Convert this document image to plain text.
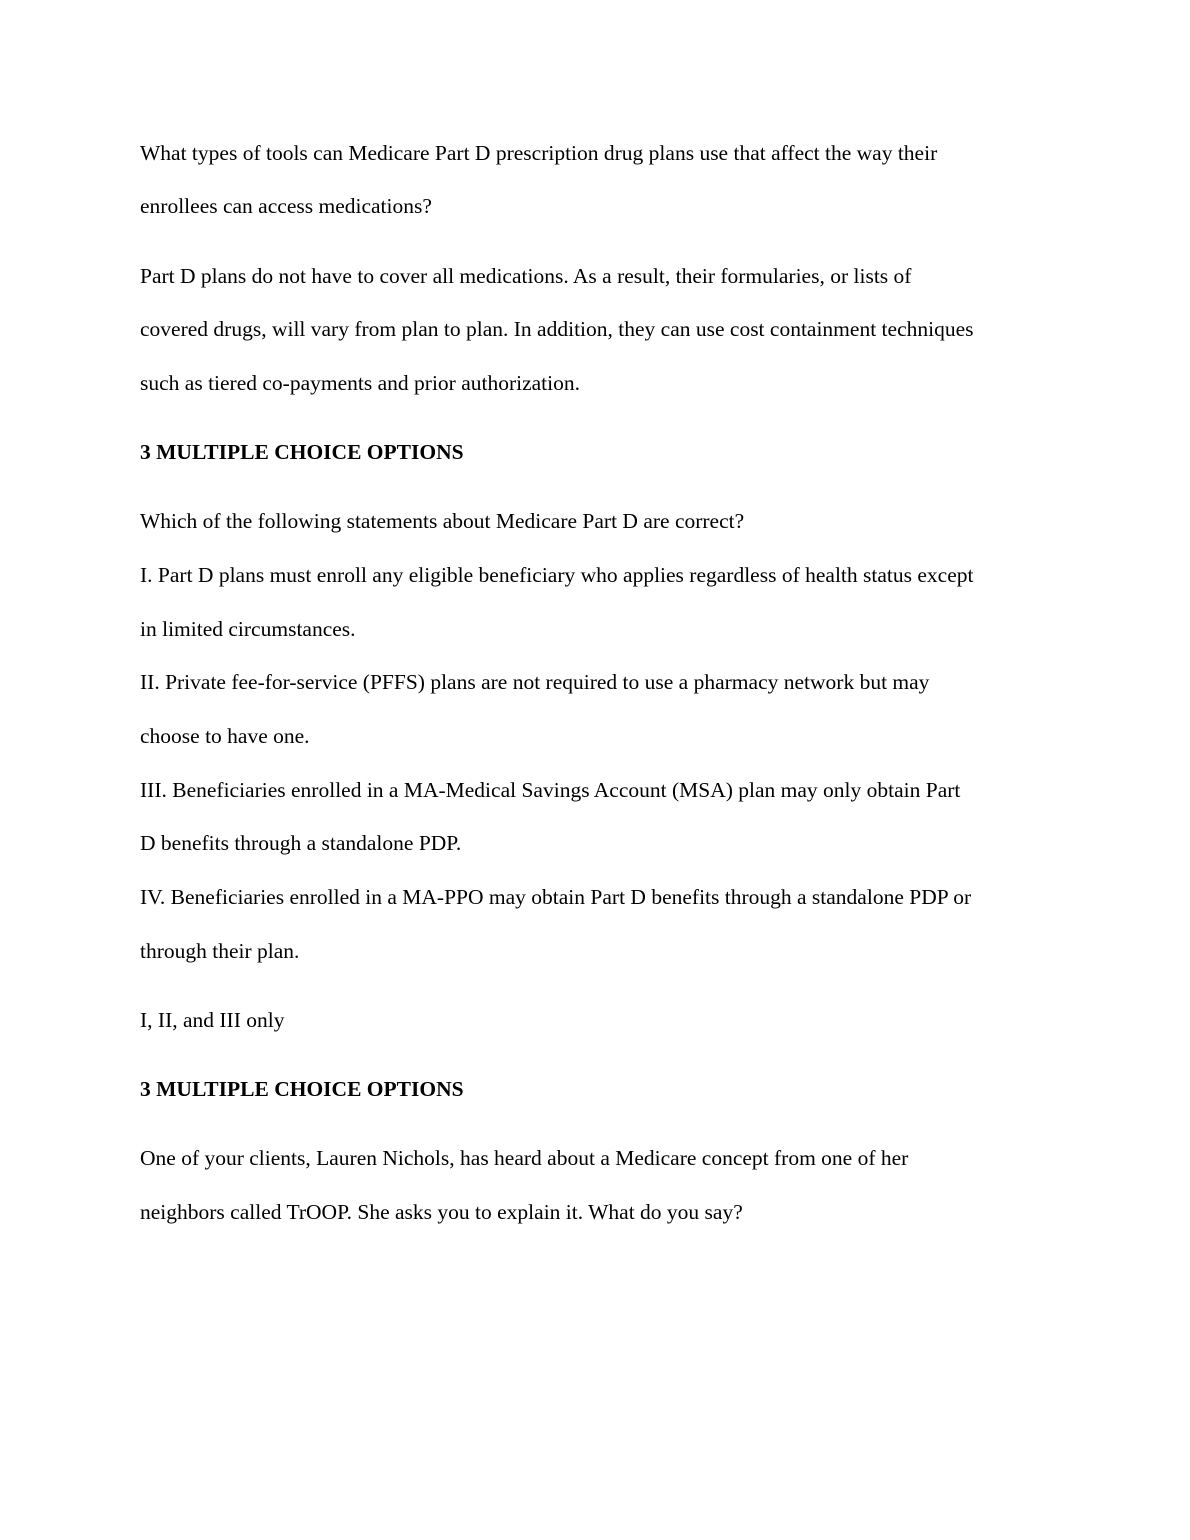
What types of tools can Medicare Part D prescription drug plans use that affect the way their
enrollees can access medications?
Part D plans do not have to cover all medications. As a result, their formularies, or lists of
covered drugs, will vary from plan to plan. In addition, they can use cost containment techniques
such as tiered co-payments and prior authorization.
3 MULTIPLE CHOICE OPTIONS
Which of the following statements about Medicare Part D are correct?
I. Part D plans must enroll any eligible beneficiary who applies regardless of health status except
in limited circumstances.
II. Private fee-for-service (PFFS) plans are not required to use a pharmacy network but may
choose to have one.
III. Beneficiaries enrolled in a MA-Medical Savings Account (MSA) plan may only obtain Part
D benefits through a standalone PDP.
IV. Beneficiaries enrolled in a MA-PPO may obtain Part D benefits through a standalone PDP or
through their plan.
I, II, and III only
3 MULTIPLE CHOICE OPTIONS
One of your clients, Lauren Nichols, has heard about a Medicare concept from one of her
neighbors called TrOOP. She asks you to explain it. What do you say?
